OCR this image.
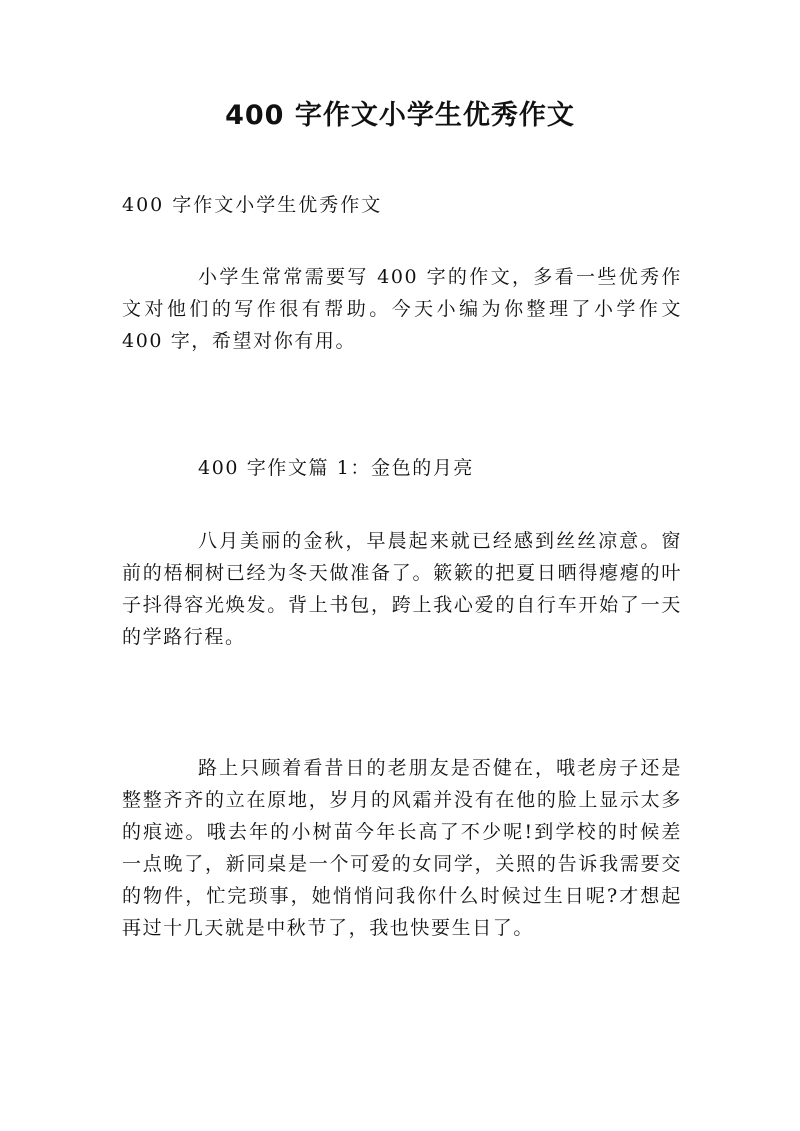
400 字作文小学生优秀作文
400 字作文小学生优秀作文
小学生常常需要写 400 字的作文，多看一些优秀作文对他们的写作很有帮助。今天小编为你整理了小学作文 400 字，希望对你有用。
400 字作文篇 1：金色的月亮
八月美丽的金秋，早晨起来就已经感到丝丝凉意。窗前的梧桐树已经为冬天做准备了。簌簌的把夏日晒得瘪瘪的叶子抖得容光焕发。背上书包，跨上我心爱的自行车开始了一天的学路行程。
路上只顾着看昔日的老朋友是否健在，哦老房子还是整整齐齐的立在原地，岁月的风霜并没有在他的脸上显示太多的痕迹。哦去年的小树苗今年长高了不少呢!到学校的时候差一点晚了，新同桌是一个可爱的女同学，关照的告诉我需要交的物件，忙完琐事，她悄悄问我你什么时候过生日呢?才想起再过十几天就是中秋节了，我也快要生日了。
